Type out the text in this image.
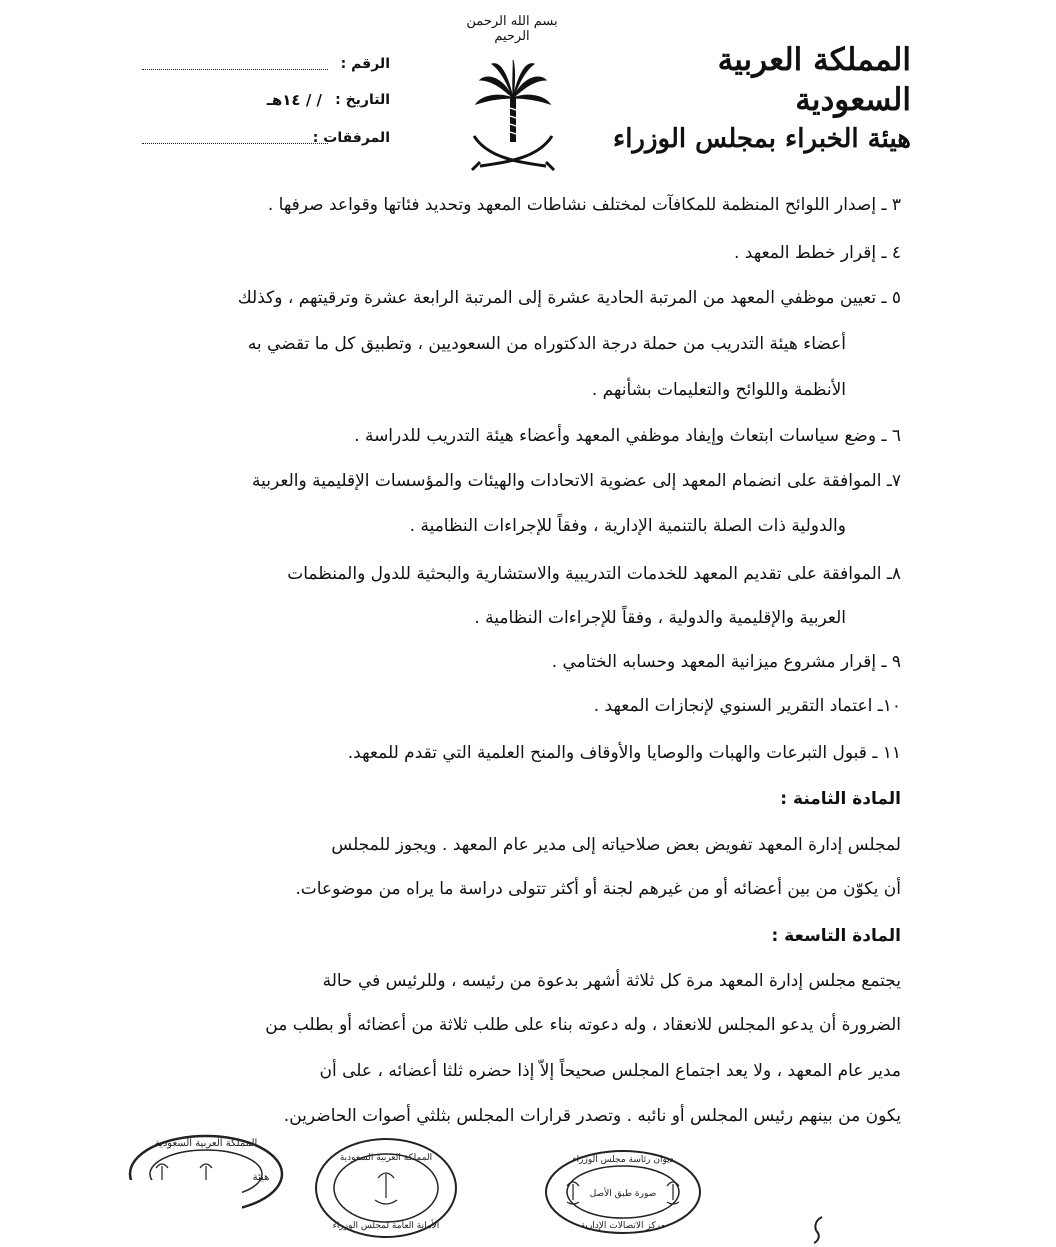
المملكة العربية السعودية
هيئة الخبراء بمجلس الوزراء
بسم الله الرحمن الرحيم
الرقم :
التاريخ :
/ / ١٤هـ
المرفقات :
٣ ـ إصدار اللوائح المنظمة للمكافآت لمختلف نشاطات المعهد وتحديد فئاتها وقواعد صرفها .
٤ ـ إقرار خطط المعهد .
٥ ـ تعيين موظفي المعهد من المرتبة الحادية عشرة إلى المرتبة الرابعة عشرة وترقيتهم ، وكذلك
أعضاء هيئة التدريب من حملة درجة الدكتوراه من السعوديين ، وتطبيق كل ما تقضي به
الأنظمة واللوائح والتعليمات بشأنهم .
٦ ـ وضع سياسات ابتعاث وإيفاد موظفي المعهد وأعضاء هيئة التدريب للدراسة .
٧ـ الموافقة على انضمام المعهد إلى عضوية الاتحادات والهيئات والمؤسسات الإقليمية والعربية
والدولية ذات الصلة بالتنمية الإدارية ، وفقاً للإجراءات النظامية .
٨ـ الموافقة على تقديم المعهد للخدمات التدريبية والاستشارية والبحثية للدول والمنظمات
العربية والإقليمية والدولية ، وفقاً للإجراءات النظامية .
٩ ـ إقرار مشروع ميزانية المعهد وحسابه الختامي .
١٠ـ اعتماد التقرير السنوي لإنجازات المعهد .
١١ ـ قبول التبرعات والهبات والوصايا والأوقاف والمنح العلمية التي تقدم للمعهد.
المادة الثامنة :
لمجلس إدارة المعهد تفويض بعض صلاحياته إلى مدير عام المعهد . ويجوز للمجلس
أن يكوّن من بين أعضائه أو من غيرهم لجنة أو أكثر تتولى دراسة ما يراه من موضوعات.
المادة التاسعة :
يجتمع مجلس إدارة المعهد مرة كل ثلاثة أشهر بدعوة من رئيسه ، وللرئيس في حالة
الضرورة أن يدعو المجلس للانعقاد ، وله دعوته بناء على طلب ثلاثة من أعضائه أو بطلب من
مدير عام المعهد ، ولا يعد اجتماع المجلس صحيحاً إلاّ إذا حضره ثلثا أعضائه ، على أن
يكون من بينهم رئيس المجلس أو نائبه . وتصدر قرارات المجلس بثلثي أصوات الحاضرين.
ديوان رئاسة مجلس الوزراء
صورة طبق الأصل
مركز الاتصالات الإدارية
المملكة العربية السعودية
الأمانة العامة لمجلس الوزراء
المملكة العربية السعودية
هيئة
